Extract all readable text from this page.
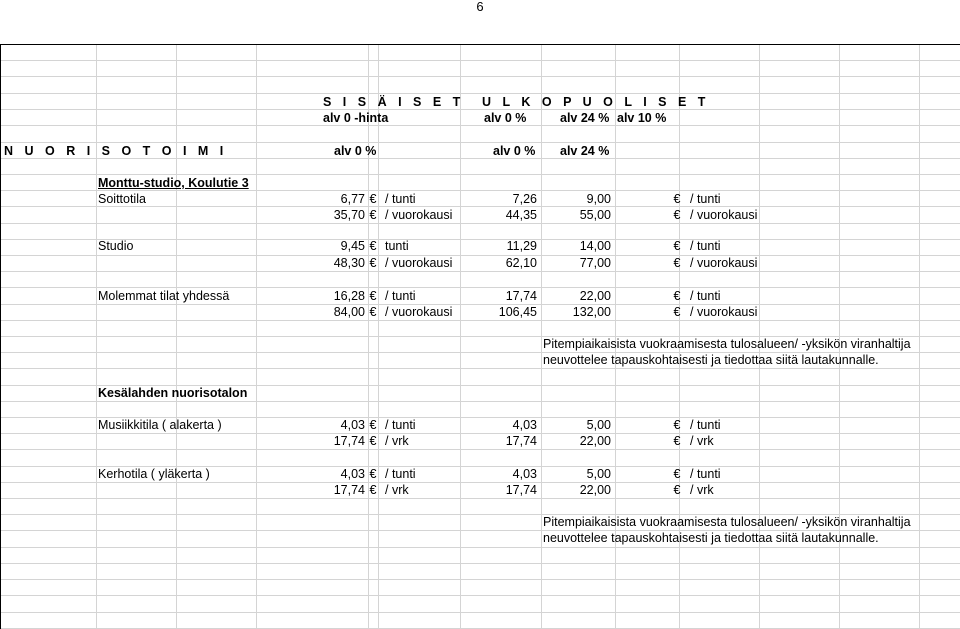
6
S I S Ä I S E T U L K O P U O L I S E T
alv 0 -hinta	alv 0 %	alv 24 % alv 10 %
N U O R I S O T O I M I	alv 0 %	alv 0 % alv 24 %
Monttu-studio, Koulutie 3
Soittotila	6,77 € / tunti	7,26	9,00	€ / tunti
35,70 € / vuorokausi	44,35	55,00	€ / vuorokausi
Studio	9,45 € tunti	11,29	14,00	€ / tunti
48,30 € / vuorokausi	62,10	77,00	€ / vuorokausi
Molemmat tilat yhdessä	16,28 € / tunti	17,74	22,00	€ / tunti
84,00 € / vuorokausi	106,45	132,00	€ / vuorokausi
Pitempiaikaisista vuokraamisesta tulosalueen/ -yksikön viranhaltija
neuvottelee tapauskohtaisesti ja tiedottaa siitä lautakunnalle.
Kesälahden nuorisotalon
Musiikkitila ( alakerta )	4,03 € / tunti	4,03	5,00	€ / tunti
17,74 € / vrk	17,74	22,00	€ / vrk
Kerhotila ( yläkerta )	4,03 € / tunti	4,03	5,00	€ / tunti
17,74 € / vrk	17,74	22,00	€ / vrk
Pitempiaikaisista vuokraamisesta tulosalueen/ -yksikön viranhaltija
neuvottelee tapauskohtaisesti ja tiedottaa siitä lautakunnalle.
